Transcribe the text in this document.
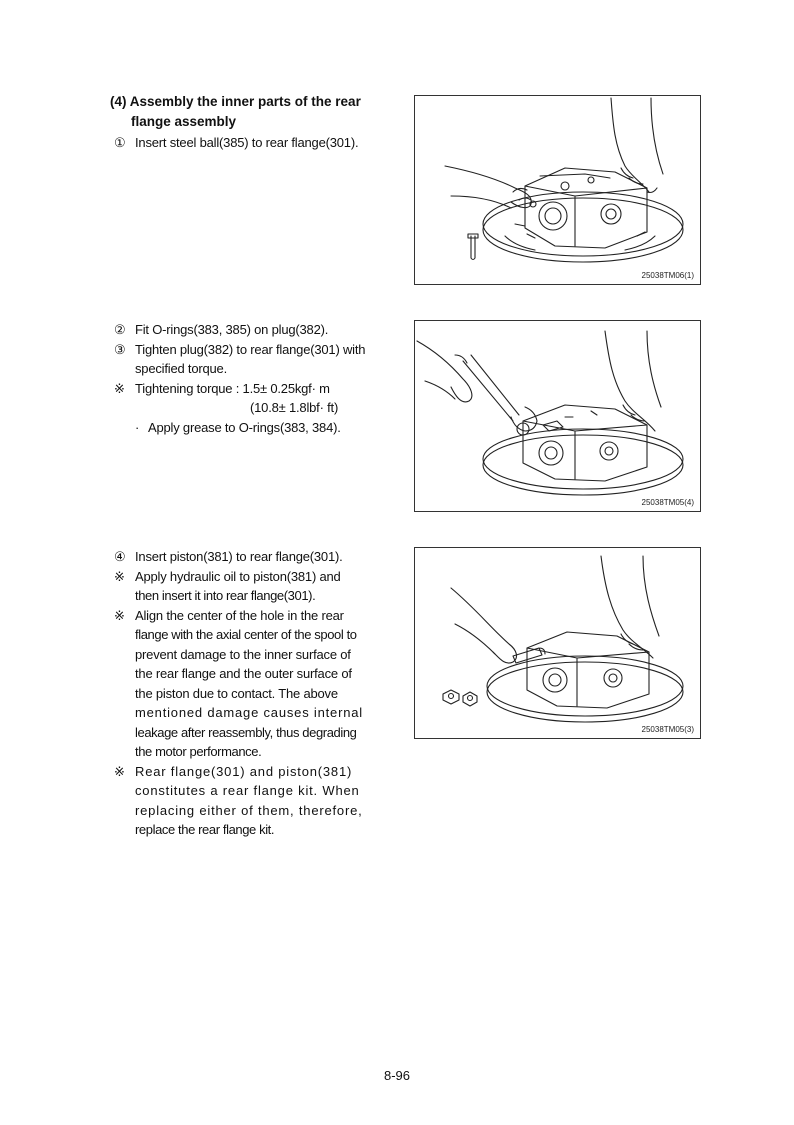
(4) Assembly the inner parts of the rear
flange assembly
① Insert steel ball(385) to rear flange(301).
② Fit O-rings(383, 385) on plug(382).
③ Tighten plug(382) to rear flange(301) with
specified torque.
※ Tightening torque : 1.5± 0.25kgf· m
(10.8± 1.8lbf· ft)
· Apply grease to O-rings(383, 384).
④ Insert piston(381) to rear flange(301).
※ Apply hydraulic oil to piston(381) and
then insert it into rear flange(301).
※ Align the center of the hole in the rear
flange with the axial center of the spool to
prevent damage to the inner surface of
the rear flange and the outer surface of
the piston due to contact. The above
mentioned damage causes internal
leakage after reassembly, thus degrading
the motor performance.
※ Rear flange(301) and piston(381)
constitutes a rear flange kit. When
replacing either of them, therefore,
replace the rear flange kit.
25038TM06(1)
25038TM05(4)
25038TM05(3)
8-96
